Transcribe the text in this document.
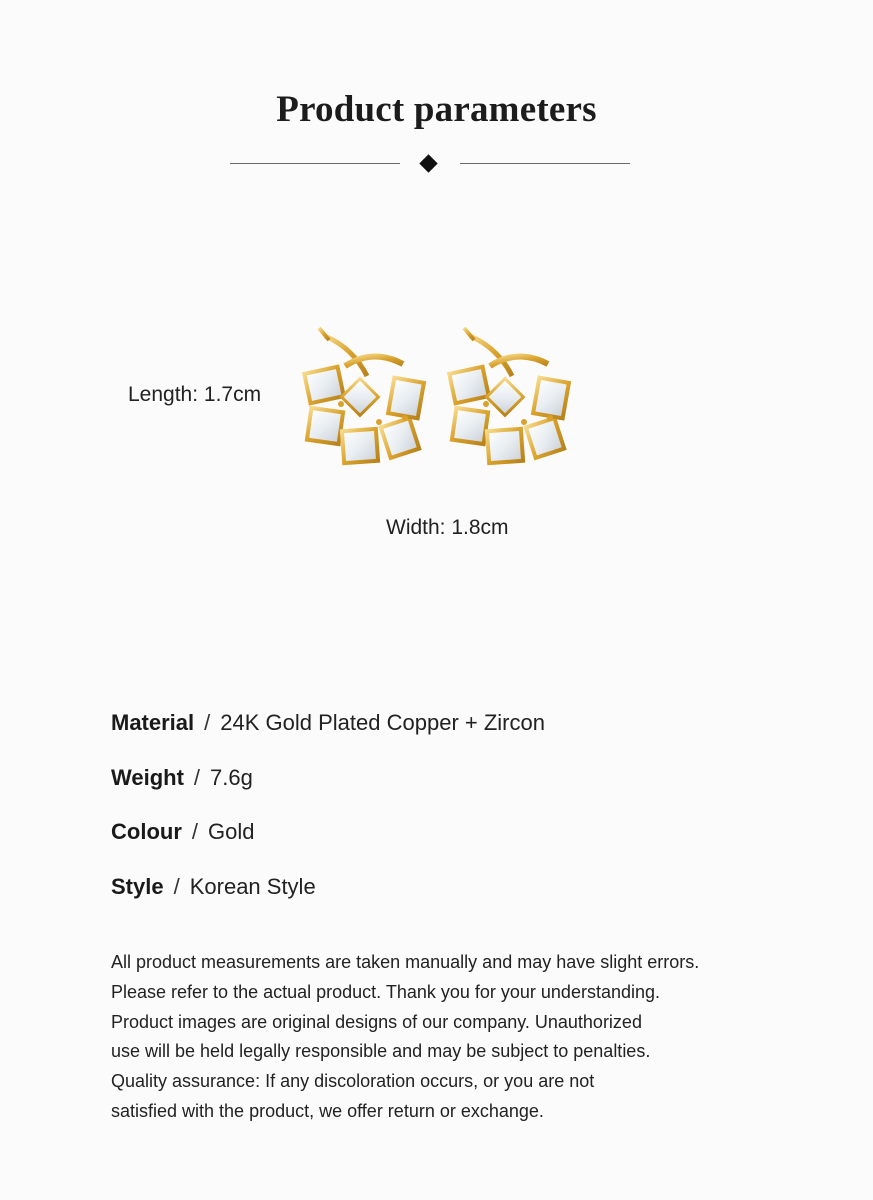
Product parameters
Length: 1.7cm
Width: 1.8cm
Material / 24K Gold Plated Copper + Zircon
Weight / 7.6g
Colour / Gold
Style / Korean Style
All product measurements are taken manually and may have slight errors.
Please refer to the actual product. Thank you for your understanding.
Product images are original designs of our company. Unauthorized
use will be held legally responsible and may be subject to penalties.
Quality assurance: If any discoloration occurs, or you are not
satisfied with the product, we offer return or exchange.
